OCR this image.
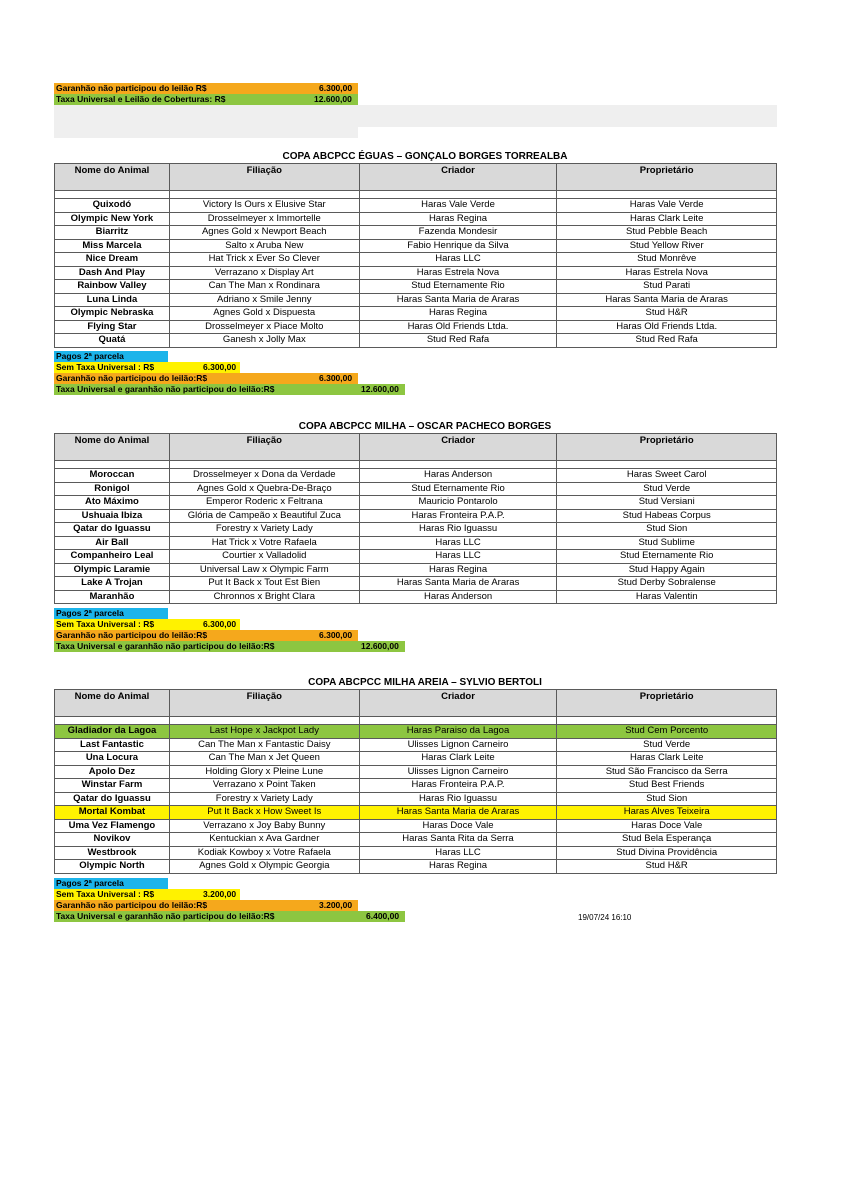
Garanhão não participou do leilão R$	6.300,00
Taxa Universal e Leilão de Coberturas: R$	12.600,00
COPA ABCPCC ÉGUAS – GONÇALO BORGES TORREALBA
Nome do Animal	Filiação	Criador	Proprietário

Quixodó	Victory Is Ours x Elusive Star	Haras Vale Verde	Haras Vale Verde
Olympic New York	Drosselmeyer x Immortelle	Haras Regina	Haras Clark Leite
Biarritz	Agnes Gold x Newport Beach	Fazenda Mondesir	Stud Pebble Beach
Miss Marcela	Salto x Aruba New	Fabio Henrique da Silva	Stud Yellow River
Nice Dream	Hat Trick x Ever So Clever	Haras LLC	Stud Monrêve
Dash And Play	Verrazano x Display Art	Haras Estrela Nova	Haras Estrela Nova
Rainbow Valley	Can The Man x Rondinara	Stud Eternamente Rio	Stud Parati
Luna Linda	Adriano x Smile Jenny	Haras Santa Maria de Araras	Haras Santa Maria de Araras
Olympic Nebraska	Agnes Gold x Dispuesta	Haras Regina	Stud H&R
Flying Star	Drosselmeyer x Piace Molto	Haras Old Friends Ltda.	Haras Old Friends Ltda.
Quatá	Ganesh x Jolly Max	Stud Red Rafa	Stud Red Rafa
Pagos 2ª parcela
Sem Taxa Universal : R$	6.300,00
Garanhão não participou do leilão:R$	6.300,00
Taxa Universal e garanhão não participou do leilão:R$	12.600,00
COPA ABCPCC MILHA – OSCAR PACHECO BORGES
Nome do Animal	Filiação	Criador	Proprietário

Moroccan	Drosselmeyer x Dona da Verdade	Haras Anderson	Haras Sweet Carol
Ronigol	Agnes Gold x Quebra-De-Braço	Stud Eternamente Rio	Stud Verde
Ato Máximo	Emperor Roderic x Feltrana	Mauricio Pontarolo	Stud Versiani
Ushuaia Ibiza	Glória de Campeão x Beautiful Zuca	Haras Fronteira P.A.P.	Stud Habeas Corpus
Qatar do Iguassu	Forestry x Variety Lady	Haras Rio Iguassu	Stud Sion
Air Ball	Hat Trick x Votre Rafaela	Haras LLC	Stud Sublime
Companheiro Leal	Courtier x Valladolid	Haras LLC	Stud Eternamente Rio
Olympic Laramie	Universal Law x Olympic Farm	Haras Regina	Stud Happy Again
Lake A Trojan	Put It Back x Tout Est Bien	Haras Santa Maria de Araras	Stud Derby Sobralense
Maranhão	Chronnos x Bright Clara	Haras Anderson	Haras Valentin
Pagos 2ª parcela
Sem Taxa Universal : R$	6.300,00
Garanhão não participou do leilão:R$	6.300,00
Taxa Universal e garanhão não participou do leilão:R$	12.600,00
COPA ABCPCC MILHA AREIA – SYLVIO BERTOLI
Nome do Animal	Filiação	Criador	Proprietário

Gladiador da Lagoa	Last Hope x Jackpot Lady	Haras Paraiso da Lagoa	Stud Cem Porcento
Last Fantastic	Can The Man x Fantastic Daisy	Ulisses Lignon Carneiro	Stud Verde
Una Locura	Can The Man x Jet Queen	Haras Clark Leite	Haras Clark Leite
Apolo Dez	Holding Glory x Pleine Lune	Ulisses Lignon Carneiro	Stud São Francisco da Serra
Winstar Farm	Verrazano x Point Taken	Haras Fronteira P.A.P.	Stud Best Friends
Qatar do Iguassu	Forestry x Variety Lady	Haras Rio Iguassu	Stud Sion
Mortal Kombat	Put It Back x How Sweet Is	Haras Santa Maria de Araras	Haras Alves Teixeira
Uma Vez Flamengo	Verrazano x Joy Baby Bunny	Haras Doce Vale	Haras Doce Vale
Novikov	Kentuckian x Ava Gardner	Haras Santa Rita da Serra	Stud Bela Esperança
Westbrook	Kodiak Kowboy x Votre Rafaela	Haras LLC	Stud Divina Providência
Olympic North	Agnes Gold x Olympic Georgia	Haras Regina	Stud H&R
Pagos 2ª parcela
Sem Taxa Universal : R$	3.200,00
Garanhão não participou do leilão:R$	3.200,00
Taxa Universal e garanhão não participou do leilão:R$	6.400,00	19/07/24 16:10
